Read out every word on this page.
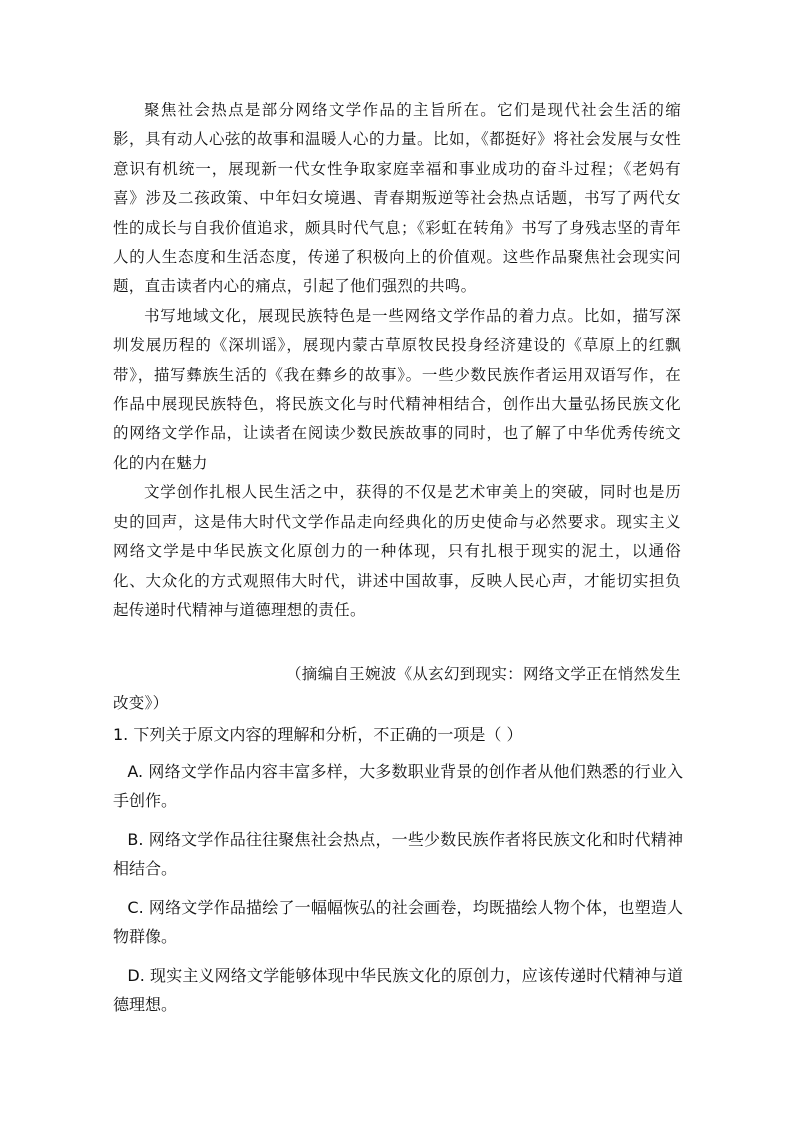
聚焦社会热点是部分网络文学作品的主旨所在。它们是现代社会生活的缩影，具有动人心弦的故事和温暖人心的力量。比如，《都挺好》将社会发展与女性意识有机统一，展现新一代女性争取家庭幸福和事业成功的奋斗过程；《老妈有喜》涉及二孩政策、中年妇女境遇、青春期叛逆等社会热点话题，书写了两代女性的成长与自我价值追求，颇具时代气息；《彩虹在转角》书写了身残志坚的青年人的人生态度和生活态度，传递了积极向上的价值观。这些作品聚焦社会现实问题，直击读者内心的痛点，引起了他们强烈的共鸣。

书写地域文化，展现民族特色是一些网络文学作品的着力点。比如，描写深圳发展历程的《深圳谣》，展现内蒙古草原牧民投身经济建设的《草原上的红飘带》，描写彝族生活的《我在彝乡的故事》。一些少数民族作者运用双语写作，在作品中展现民族特色，将民族文化与时代精神相结合，创作出大量弘扬民族文化的网络文学作品，让读者在阅读少数民族故事的同时，也了解了中华优秀传统文化的内在魅力

文学创作扎根人民生活之中，获得的不仅是艺术审美上的突破，同时也是历史的回声，这是伟大时代文学作品走向经典化的历史使命与必然要求。现实主义网络文学是中华民族文化原创力的一种体现，只有扎根于现实的泥土，以通俗化、大众化的方式观照伟大时代，讲述中国故事，反映人民心声，才能切实担负起传递时代精神与道德理想的责任。

（摘编自王婉波《从玄幻到现实：网络文学正在悄然发生
改变》）

1. 下列关于原文内容的理解和分析，不正确的一项是（ ）

A. 网络文学作品内容丰富多样，大多数职业背景的创作者从他们熟悉的行业入手创作。

B. 网络文学作品往往聚焦社会热点，一些少数民族作者将民族文化和时代精神相结合。

C. 网络文学作品描绘了一幅幅恢弘的社会画卷，均既描绘人物个体，也塑造人物群像。

D. 现实主义网络文学能够体现中华民族文化的原创力，应该传递时代精神与道德理想。
